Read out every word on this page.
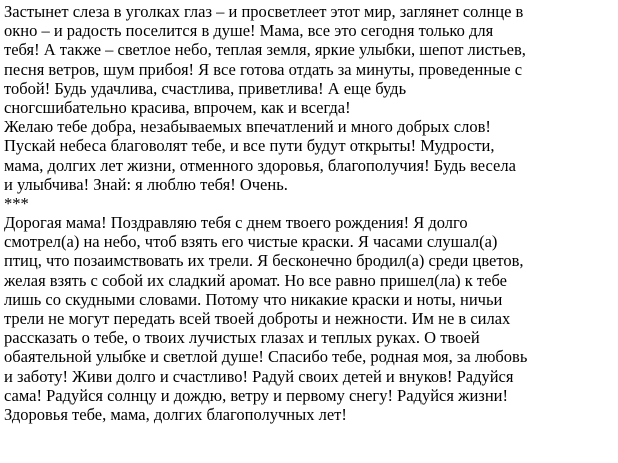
Застынет слеза в уголках глаз – и просветлеет этот мир, заглянет солнце в
окно – и радость поселится в душе! Мама, все это сегодня только для
тебя! А также – светлое небо, теплая земля, яркие улыбки, шепот листьев,
песня ветров, шум прибоя! Я все готова отдать за минуты, проведенные с
тобой! Будь удачлива, счастлива, приветлива! А еще будь
сногсшибательно красива, впрочем, как и всегда!
Желаю тебе добра, незабываемых впечатлений и много добрых слов!
Пускай небеса благоволят тебе, и все пути будут открыты! Мудрости,
мама, долгих лет жизни, отменного здоровья, благополучия! Будь весела
и улыбчива! Знай: я люблю тебя! Очень.
***
Дорогая мама! Поздравляю тебя с днем твоего рождения! Я долго
смотрел(а) на небо, чтоб взять его чистые краски. Я часами слушал(а)
птиц, что позаимствовать их трели. Я бесконечно бродил(а) среди цветов,
желая взять с собой их сладкий аромат. Но все равно пришел(ла) к тебе
лишь со скудными словами. Потому что никакие краски и ноты, ничьи
трели не могут передать всей твоей доброты и нежности. Им не в силах
рассказать о тебе, о твоих лучистых глазах и теплых руках. О твоей
обаятельной улыбке и светлой душе! Спасибо тебе, родная моя, за любовь
и заботу! Живи долго и счастливо! Радуй своих детей и внуков! Радуйся
сама! Радуйся солнцу и дождю, ветру и первому снегу! Радуйся жизни!
Здоровья тебе, мама, долгих благополучных лет!
